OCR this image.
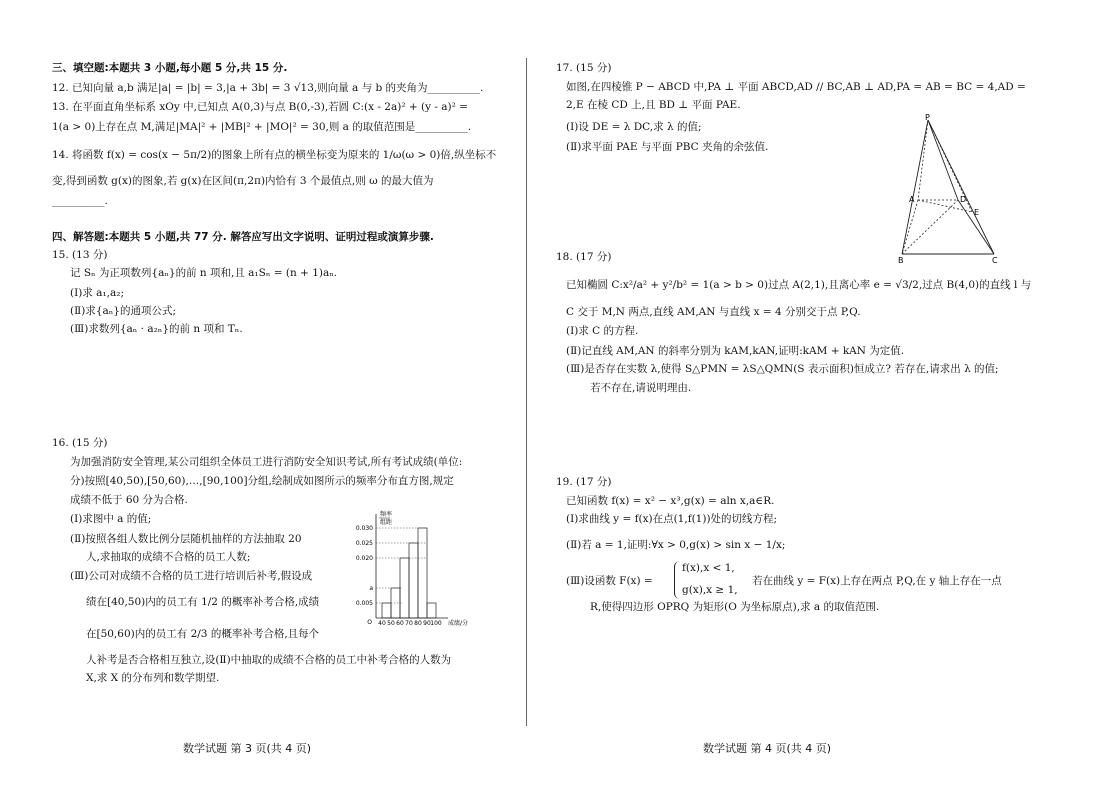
三、填空题:本题共 3 小题,每小题 5 分,共 15 分.
12. 已知向量 a,b 满足|a| = |b| = 3,|a + 3b| = 3 √13,则向量 a 与 b 的夹角为__________.
13. 在平面直角坐标系 xOy 中,已知点 A(0,3)与点 B(0,-3),若圆 C:(x - 2a)² + (y - a)² =
1(a > 0)上存在点 M,满足|MA|² + |MB|² + |MO|² = 30,则 a 的取值范围是__________.
14. 将函数 f(x) = cos(x − 5π/2)的图象上所有点的横坐标变为原来的 1/ω(ω > 0)倍,纵坐标不
变,得到函数 g(x)的图象,若 g(x)在区间(π,2π)内恰有 3 个最值点,则 ω 的最大值为
__________.
四、解答题:本题共 5 小题,共 77 分. 解答应写出文字说明、证明过程或演算步骤.
15. (13 分)
记 Sₙ 为正项数列{aₙ}的前 n 项和,且 a₁Sₙ = (n + 1)aₙ.
(Ⅰ)求 a₁,a₂;
(Ⅱ)求{aₙ}的通项公式;
(Ⅲ)求数列{aₙ · a₂ₙ}的前 n 项和 Tₙ.
16. (15 分)
为加强消防安全管理,某公司组织全体员工进行消防安全知识考试,所有考试成绩(单位:
分)按照[40,50),[50,60),…,[90,100]分组,绘制成如图所示的频率分布直方图,规定
成绩不低于 60 分为合格.
(Ⅰ)求图中 a 的值;
(Ⅱ)按照各组人数比例分层随机抽样的方法抽取 20
人,求抽取的成绩不合格的员工人数;
(Ⅲ)公司对成绩不合格的员工进行培训后补考,假设成
绩在[40,50)内的员工有 1/2 的概率补考合格,成绩
在[50,60)内的员工有 2/3 的概率补考合格,且每个
人补考是否合格相互独立,设(Ⅱ)中抽取的成绩不合格的员工中补考合格的人数为
X,求 X 的分布列和数学期望.
0.030
0.025
0.020
a
0.005
40 50 60 70 80 90 100
O	成绩/分
频率
组距
17. (15 分)
如图,在四棱锥 P − ABCD 中,PA ⊥ 平面 ABCD,AD // BC,AB ⊥ AD,PA = AB = BC = 4,AD =
2,E 在棱 CD 上,且 BD ⊥ 平面 PAE.
(Ⅰ)设 DE = λ DC,求 λ 的值;
(Ⅱ)求平面 PAE 与平面 PBC 夹角的余弦值.
P
A
B	C
D
E
18. (17 分)
已知椭圆 C:x²/a² + y²/b² = 1(a > b > 0)过点 A(2,1),且离心率 e = √3/2,过点 B(4,0)的直线 l 与
C 交于 M,N 两点,直线 AM,AN 与直线 x = 4 分别交于点 P,Q.
(Ⅰ)求 C 的方程.
(Ⅱ)记直线 AM,AN 的斜率分别为 kAM,kAN,证明:kAM + kAN 为定值.
(Ⅲ)是否存在实数 λ,使得 S△PMN = λS△QMN(S 表示面积)恒成立? 若存在,请求出 λ 的值;
若不存在,请说明理由.
19. (17 分)
已知函数 f(x) = x² − x³,g(x) = aln x,a∈R.
(Ⅰ)求曲线 y = f(x)在点(1,f(1))处的切线方程;
(Ⅱ)若 a = 1,证明:∀x > 0,g(x) > sin x − 1/x;
(Ⅲ)设函数 F(x) =
f(x),x < 1,
g(x),x ≥ 1,
若在曲线 y = F(x)上存在两点 P,Q,在 y 轴上存在一点
R,使得四边形 OPRQ 为矩形(O 为坐标原点),求 a 的取值范围.
数学试题 第 3 页(共 4 页)	数学试题 第 4 页(共 4 页)
